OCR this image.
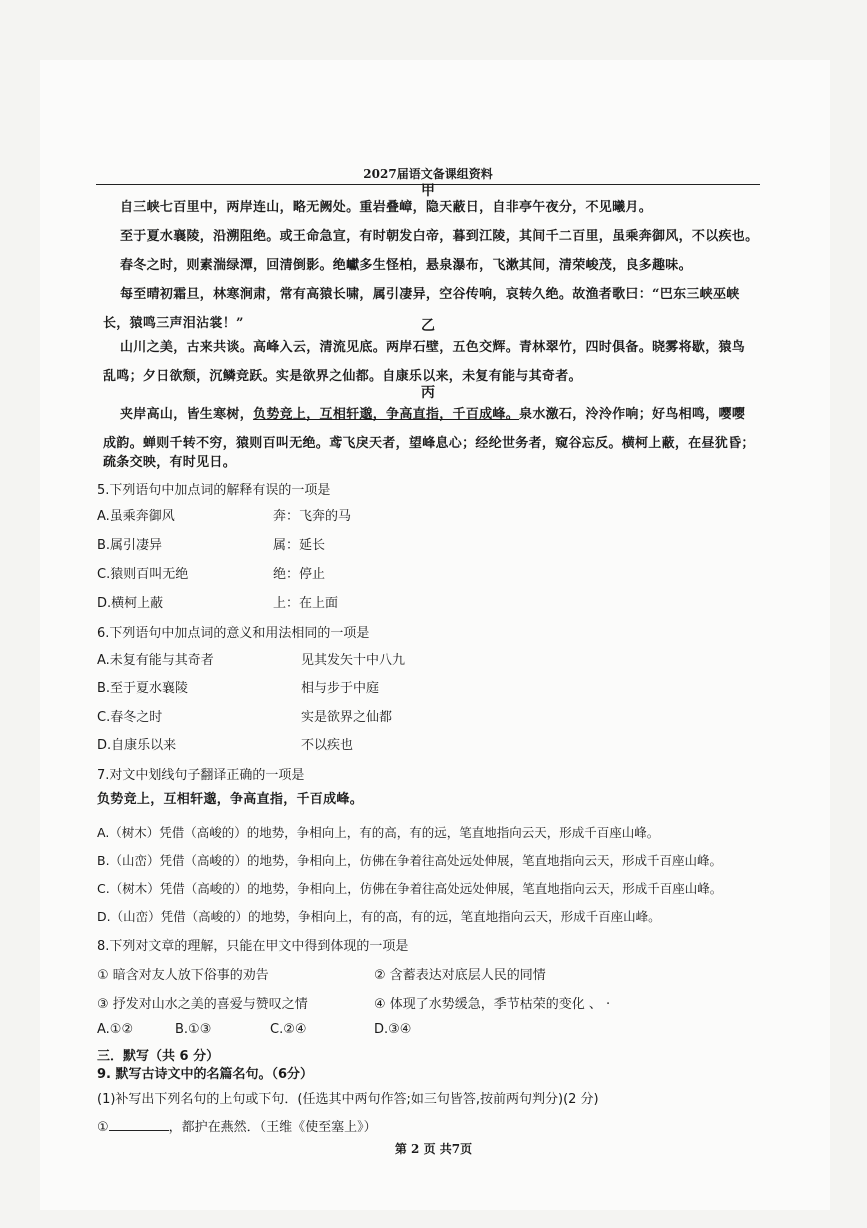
2027届语文备课组资料
甲
自三峡七百里中，两岸连山，略无阙处。重岩叠嶂，隐天蔽日，自非亭午夜分，不见曦月。
至于夏水襄陵，沿溯阻绝。或王命急宣，有时朝发白帝，暮到江陵，其间千二百里，虽乘奔御风，不以疾也。
春冬之时，则素湍绿潭，回清倒影。绝巘多生怪柏，悬泉瀑布，飞漱其间，清荣峻茂，良多趣味。
每至晴初霜旦，林寒涧肃，常有高猿长啸，属引凄异，空谷传响，哀转久绝。故渔者歌曰：“巴东三峡巫峡
长，猿鸣三声泪沾裳！”	乙
山川之美，古来共谈。高峰入云，清流见底。两岸石壁，五色交辉。青林翠竹，四时俱备。晓雾将歇，猿鸟
乱鸣；夕日欲颓，沉鳞竞跃。实是欲界之仙都。自康乐以来，未复有能与其奇者。
丙
夹岸高山，皆生寒树，负势竞上，互相轩邈，争高直指，千百成峰。泉水激石，泠泠作响；好鸟相鸣，嘤嘤
成韵。蝉则千转不穷，猿则百叫无绝。鸢飞戾天者，望峰息心；经纶世务者，窥谷忘反。横柯上蔽，在昼犹昏；
疏条交映，有时见日。
5.下列语句中加点词的解释有误的一项是
A.虽乘奔御风	奔：飞奔的马
B.属引凄异	属：延长
C.猿则百叫无绝	绝：停止
D.横柯上蔽	上：在上面
6.下列语句中加点词的意义和用法相同的一项是
A.未复有能与其奇者	见其发矢十中八九
B.至于夏水襄陵	相与步于中庭
C.春冬之时	实是欲界之仙都
D.自康乐以来	不以疾也
7.对文中划线句子翻译正确的一项是
负势竞上，互相轩邈，争高直指，千百成峰。
A.（树木）凭借（高峻的）的地势，争相向上，有的高，有的远，笔直地指向云天，形成千百座山峰。
B.（山峦）凭借（高峻的）的地势，争相向上，仿佛在争着往高处远处伸展，笔直地指向云天，形成千百座山峰。
C.（树木）凭借（高峻的）的地势，争相向上，仿佛在争着往高处远处伸展，笔直地指向云天，形成千百座山峰。
D.（山峦）凭借（高峻的）的地势，争相向上，有的高，有的远，笔直地指向云天，形成千百座山峰。
8.下列对文章的理解，只能在甲文中得到体现的一项是
① 暗含对友人放下俗事的劝告	② 含蓄表达对底层人民的同情
③ 抒发对山水之美的喜爱与赞叹之情	④ 体现了水势缓急，季节枯荣的变化 、 ·
A.①②	B.①③	C.②④	D.③④
三．默写（共 6 分）
9. 默写古诗文中的名篇名句。（6分）
(1)补写出下列名句的上句或下句．(任选其中两句作答;如三句皆答,按前两句判分)(2 分)
①	，都护在燕然．（王维《使至塞上》）
第 2 页 共7页
